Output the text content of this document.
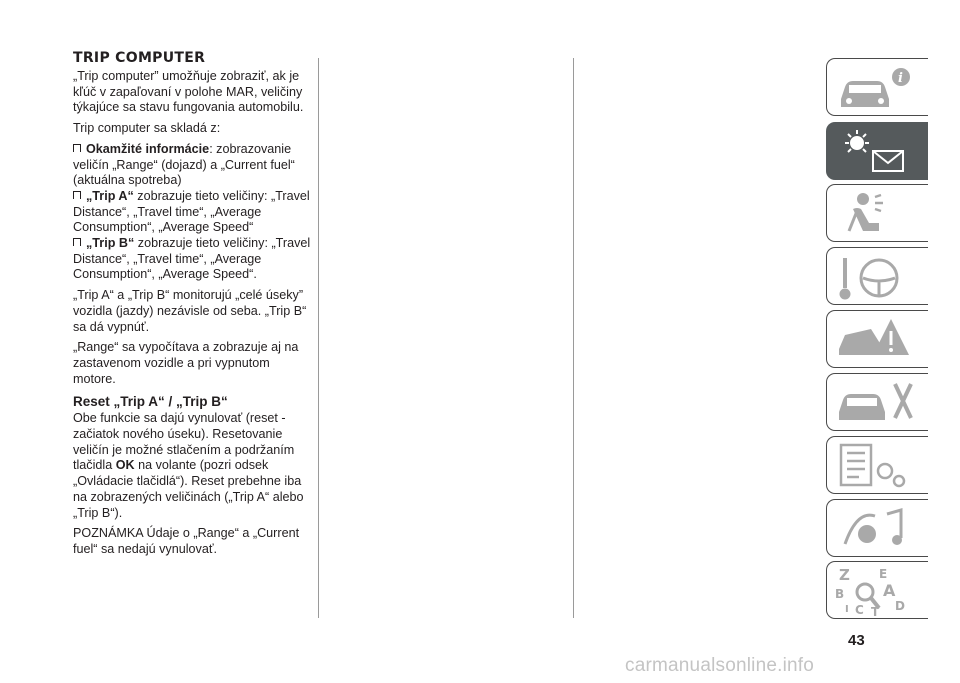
TRIP COMPUTER

„Trip computer” umožňuje zobraziť, ak je kľúč v zapaľovaní v polohe MAR, veličiny týkajúce sa stavu fungovania automobilu.

Trip computer sa skladá z:

Okamžité informácie: zobrazovanie veličín „Range“ (dojazd) a „Current fuel“ (aktuálna spotreba)

„Trip A“ zobrazuje tieto veličiny: „Travel Distance“, „Travel time“, „Average Consumption“, „Average Speed“

„Trip B“ zobrazuje tieto veličiny: „Travel Distance“, „Travel time“, „Average Consumption“, „Average Speed“.

„Trip A“ a „Trip B“ monitorujú „celé úseky” vozidla (jazdy) nezávisle od seba. „Trip B“ sa dá vypnúť.

„Range“ sa vypočítava a zobrazuje aj na zastavenom vozidle a pri vypnutom motore.

Reset „Trip A“ / „Trip B“

Obe funkcie sa dajú vynulovať (reset - začiatok nového úseku). Resetovanie veličín je možné stlačením a podržaním tlačidla OK na volante (pozri odsek „Ovládacie tlačidlá“). Reset prebehne iba na zobrazených veličinách („Trip A“ alebo „Trip B“).

POZNÁMKA Údaje o „Range“ a „Current fuel“ sa nedajú vynulovať.

i
Z E
B A
C	D
T
I
43
carmanualsonline.info
